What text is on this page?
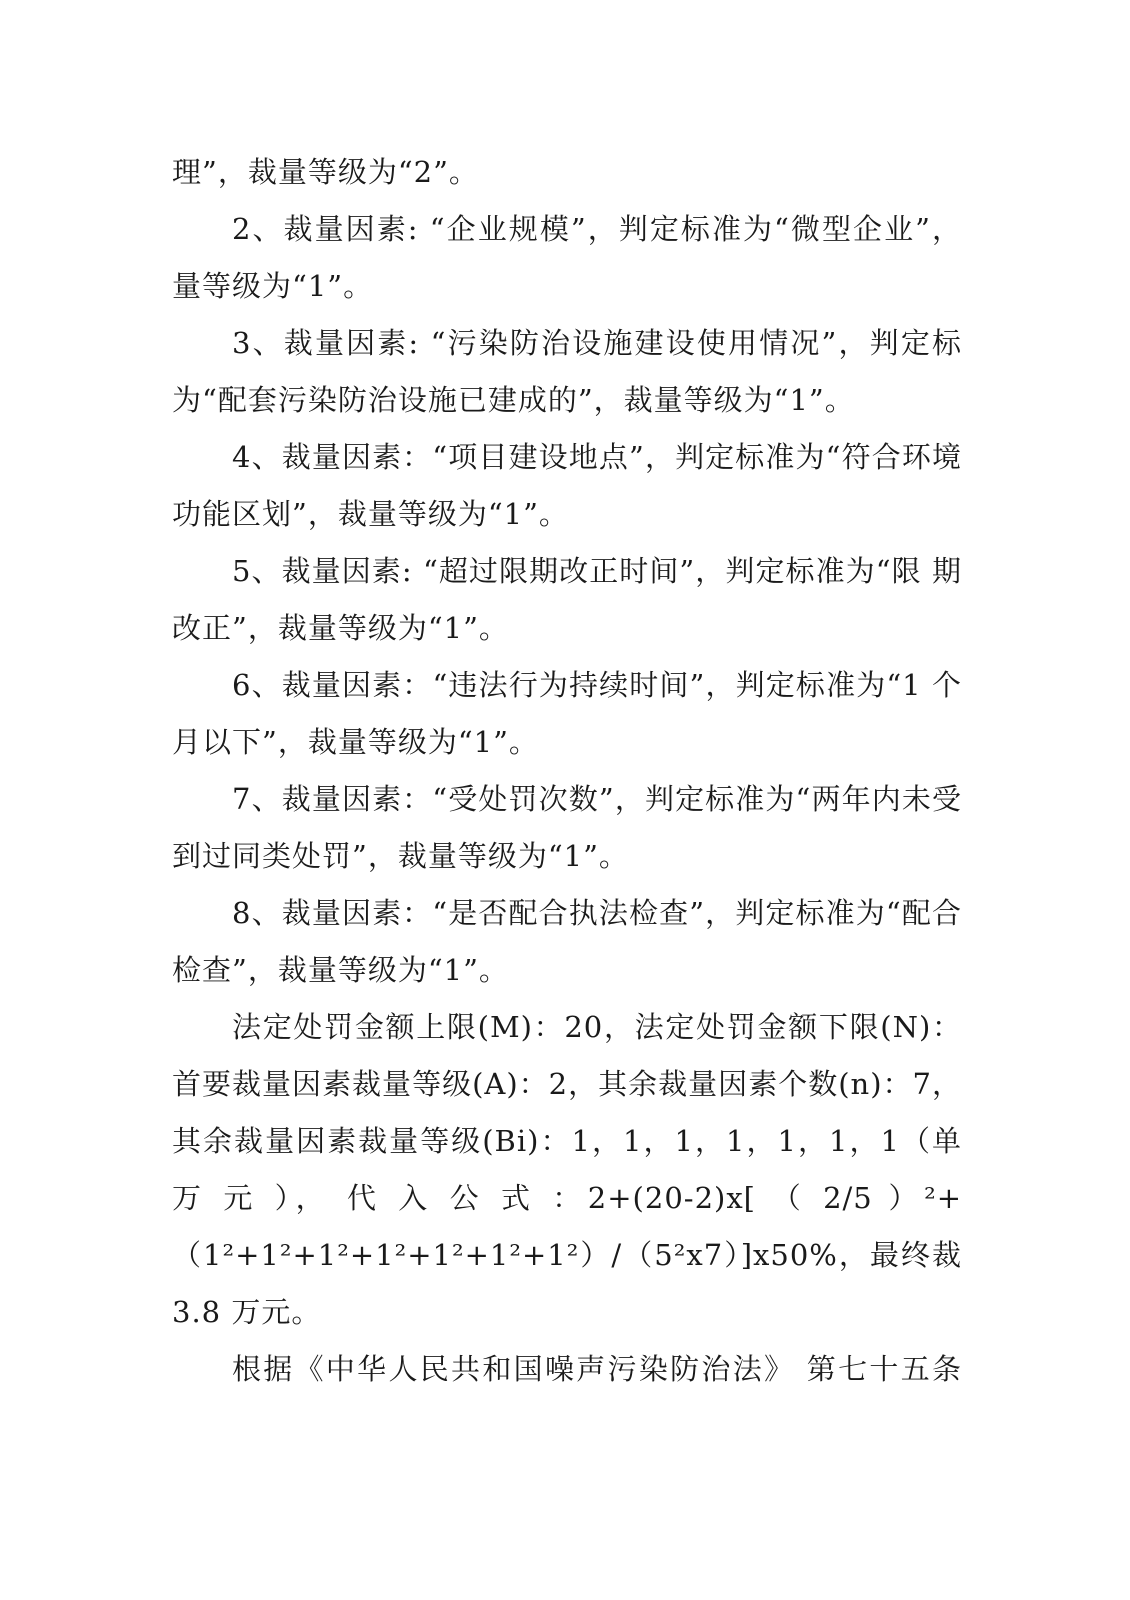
理”，裁量等级为“2”。
2、裁量因素: “企业规模”，判定标准为“微型企业”，
量等级为“1”。
3、裁量因素: “污染防治设施建设使用情况”，判定标
为“配套污染防治设施已建成的”，裁量等级为“1”。
4、裁量因素：“项目建设地点”，判定标准为“符合环境
功能区划”，裁量等级为“1”。
5、裁量因素: “超过限期改正时间”，判定标准为“限 期
改正”，裁量等级为“1”。
6、裁量因素：“违法行为持续时间”，判定标准为“1 个
月以下”，裁量等级为“1”。
7、裁量因素：“受处罚次数”，判定标准为“两年内未受
到过同类处罚”，裁量等级为“1”。
8、裁量因素：“是否配合执法检查”，判定标准为“配合
检查”，裁量等级为“1”。
法定处罚金额上限(M)：20，法定处罚金额下限(N)：
首要裁量因素裁量等级(A)：2，其余裁量因素个数(n)：7，
其余裁量因素裁量等级(Bi)：1，1，1，1，1，1，1（单
万 元 ）， 代 入 公 式 ：2+(20-2)x[ （ 2/5 ）²+
（1²+1²+1²+1²+1²+1²+1²）/（5²x7）]x50%，最终裁
3.8 万元。
根据《中华人民共和国噪声污染防治法》 第七十五条
